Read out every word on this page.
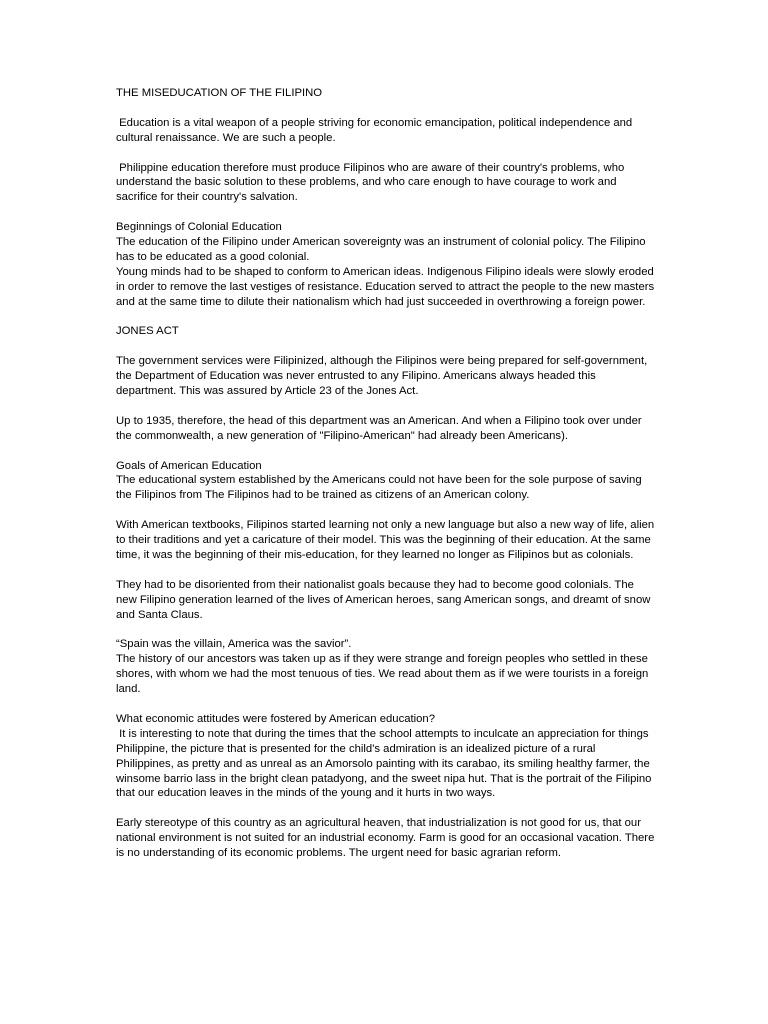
THE MISEDUCATION OF THE FILIPINO

Education is a vital weapon of a people striving for economic emancipation, political independence and cultural renaissance. We are such a people.

Philippine education therefore must produce Filipinos who are aware of their country's problems, who understand the basic solution to these problems, and who care enough to have courage to work and sacrifice for their country's salvation.

Beginnings of Colonial Education

The education of the Filipino under American sovereignty was an instrument of colonial policy. The Filipino has to be educated as a good colonial.

Young minds had to be shaped to conform to American ideas. Indigenous Filipino ideals were slowly eroded in order to remove the last vestiges of resistance. Education served to attract the people to the new masters and at the same time to dilute their nationalism which had just succeeded in overthrowing a foreign power.

JONES ACT

The government services were Filipinized, although the Filipinos were being prepared for self-government, the Department of Education was never entrusted to any Filipino. Americans always headed this department. This was assured by Article 23 of the Jones Act.

Up to 1935, therefore, the head of this department was an American. And when a Filipino took over under the commonwealth, a new generation of "Filipino-American" had already been Americans).

Goals of American Education

The educational system established by the Americans could not have been for the sole purpose of saving the Filipinos from The Filipinos had to be trained as citizens of an American colony.

With American textbooks, Filipinos started learning not only a new language but also a new way of life, alien to their traditions and yet a caricature of their model. This was the beginning of their education. At the same time, it was the beginning of their mis-education, for they learned no longer as Filipinos but as colonials.

They had to be disoriented from their nationalist goals because they had to become good colonials. The new Filipino generation learned of the lives of American heroes, sang American songs, and dreamt of snow and Santa Claus.

“Spain was the villain, America was the savior”.

The history of our ancestors was taken up as if they were strange and foreign peoples who settled in these shores, with whom we had the most tenuous of ties. We read about them as if we were tourists in a foreign land.

What economic attitudes were fostered by American education?

It is interesting to note that during the times that the school attempts to inculcate an appreciation for things Philippine, the picture that is presented for the child's admiration is an idealized picture of a rural Philippines, as pretty and as unreal as an Amorsolo painting with its carabao, its smiling healthy farmer, the winsome barrio lass in the bright clean patadyong, and the sweet nipa hut. That is the portrait of the Filipino that our education leaves in the minds of the young and it hurts in two ways.

Early stereotype of this country as an agricultural heaven, that industrialization is not good for us, that our national environment is not suited for an industrial economy. Farm is good for an occasional vacation. There is no understanding of its economic problems. The urgent need for basic agrarian reform.
